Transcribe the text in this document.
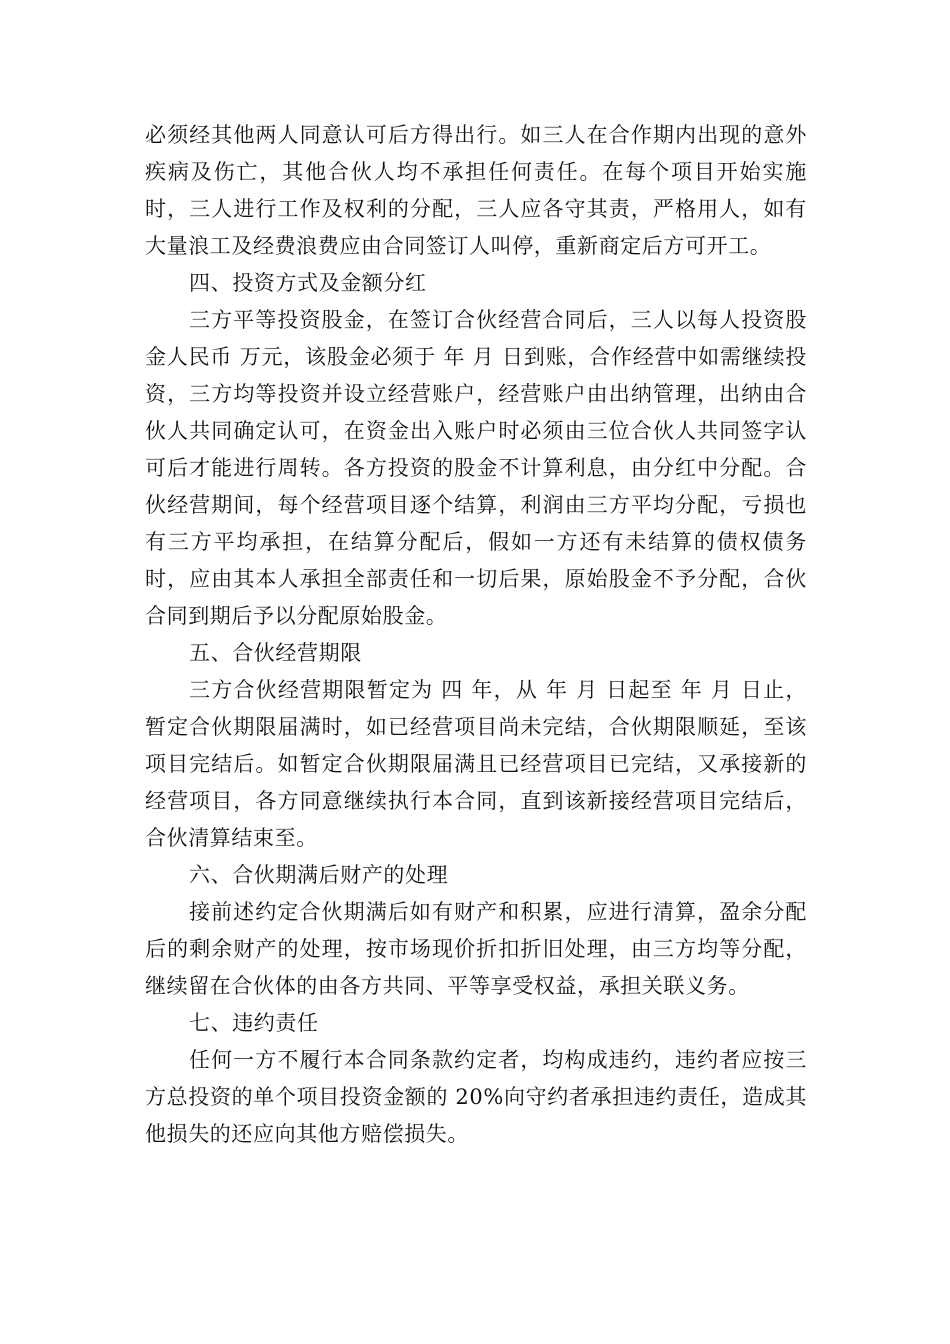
必须经其他两人同意认可后方得出行。如三人在合作期内出现的意外疾病及伤亡，其他合伙人均不承担任何责任。在每个项目开始实施时，三人进行工作及权利的分配，三人应各守其责，严格用人，如有大量浪工及经费浪费应由合同签订人叫停，重新商定后方可开工。

四、投资方式及金额分红

三方平等投资股金，在签订合伙经营合同后，三人以每人投资股金人民币 万元，该股金必须于 年 月 日到账，合作经营中如需继续投资，三方均等投资并设立经营账户，经营账户由出纳管理，出纳由合伙人共同确定认可，在资金出入账户时必须由三位合伙人共同签字认可后才能进行周转。各方投资的股金不计算利息，由分红中分配。合伙经营期间，每个经营项目逐个结算，利润由三方平均分配，亏损也有三方平均承担，在结算分配后，假如一方还有未结算的债权债务时，应由其本人承担全部责任和一切后果，原始股金不予分配，合伙合同到期后予以分配原始股金。

五、合伙经营期限

三方合伙经营期限暂定为 四 年，从 年 月 日起至 年 月 日止，暂定合伙期限届满时，如已经营项目尚未完结，合伙期限顺延，至该项目完结后。如暂定合伙期限届满且已经营项目已完结，又承接新的经营项目，各方同意继续执行本合同，直到该新接经营项目完结后，合伙清算结束至。

六、合伙期满后财产的处理

接前述约定合伙期满后如有财产和积累，应进行清算，盈余分配后的剩余财产的处理，按市场现价折扣折旧处理，由三方均等分配，继续留在合伙体的由各方共同、平等享受权益，承担关联义务。

七、违约责任

任何一方不履行本合同条款约定者，均构成违约，违约者应按三方总投资的单个项目投资金额的 20%向守约者承担违约责任，造成其他损失的还应向其他方赔偿损失。
